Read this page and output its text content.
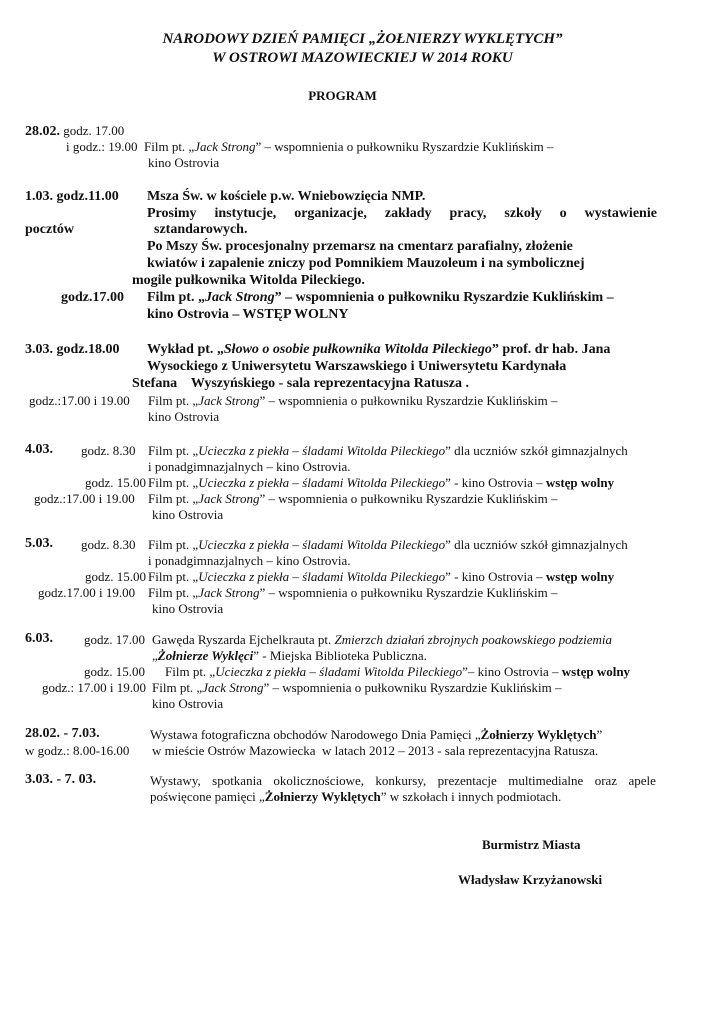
NARODOWY DZIEŃ PAMIĘCI „ŻOŁNIERZY WYKLĘTYCH”
W OSTROWI MAZOWIECKIEJ W 2014 ROKU
PROGRAM
28.02. godz. 17.00
i godz.: 19.00 Film pt. „Jack Strong” – wspomnienia o pułkowniku Ryszardzie Kuklińskim –
kino Ostrovia
1.03. godz.11.00 Msza Św. w kościele p.w. Wniebowzięcia NMP.
Prosimy instytucje, organizacje, zakłady pracy, szkoły o wystawienie
pocztów	sztandarowych.
Po Mszy Św. procesjonalny przemarsz na cmentarz parafialny, złożenie
kwiatów i zapalenie zniczy pod Pomnikiem Mauzoleum i na symbolicznej
mogile pułkownika Witolda Pileckiego.
godz.17.00 Film pt. „Jack Strong” – wspomnienia o pułkowniku Ryszardzie Kuklińskim –
kino Ostrovia – WSTĘP WOLNY
3.03. godz.18.00 Wykład pt. „Słowo o osobie pułkownika Witolda Pileckiego” prof. dr hab. Jana
Wysockiego z Uniwersytetu Warszawskiego i Uniwersytetu Kardynała
Stefana    Wyszyńskiego - sala reprezentacyjna Ratusza .
godz.:17.00 i 19.00 Film pt. „Jack Strong” – wspomnienia o pułkowniku Ryszardzie Kuklińskim –
kino Ostrovia
4.03. godz. 8.30 Film pt. „Ucieczka z piekła – śladami Witolda Pileckiego” dla uczniów szkół gimnazjalnych
i ponadgimnazjalnych – kino Ostrovia.
godz. 15.00 Film pt. „Ucieczka z piekła – śladami Witolda Pileckiego” - kino Ostrovia – wstęp wolny
godz.:17.00 i 19.00 Film pt. „Jack Strong” – wspomnienia o pułkowniku Ryszardzie Kuklińskim –
kino Ostrovia
5.03. godz. 8.30 Film pt. „Ucieczka z piekła – śladami Witolda Pileckiego” dla uczniów szkół gimnazjalnych
i ponadgimnazjalnych – kino Ostrovia.
godz. 15.00 Film pt. „Ucieczka z piekła – śladami Witolda Pileckiego” - kino Ostrovia – wstęp wolny
godz.17.00 i 19.00 Film pt. „Jack Strong” – wspomnienia o pułkowniku Ryszardzie Kuklińskim –
kino Ostrovia
6.03. godz. 17.00 Gawęda Ryszarda Ejchelkrauta pt. Zmierzch działań zbrojnych poakowskiego podziemia
„Żołnierze Wyklęci” - Miejska Biblioteka Publiczna.
godz. 15.00 Film pt. „Ucieczka z piekła – śladami Witolda Pileckiego”– kino Ostrovia – wstęp wolny
godz.: 17.00 i 19.00 Film pt. „Jack Strong” – wspomnienia o pułkowniku Ryszardzie Kuklińskim –
kino Ostrovia
28.02. - 7.03.	Wystawa fotograficzna obchodów Narodowego Dnia Pamięci „Żołnierzy Wyklętych”
w godz.: 8.00-16.00 w mieście Ostrów Mazowiecka  w latach 2012 – 2013 - sala reprezentacyjna Ratusza.
3.03. - 7. 03.	Wystawy, spotkania okolicznościowe, konkursy, prezentacje multimedialne oraz apele
poświęcone pamięci „Żołnierzy Wyklętych” w szkołach i innych podmiotach.
Burmistrz Miasta
Władysław Krzyżanowski
